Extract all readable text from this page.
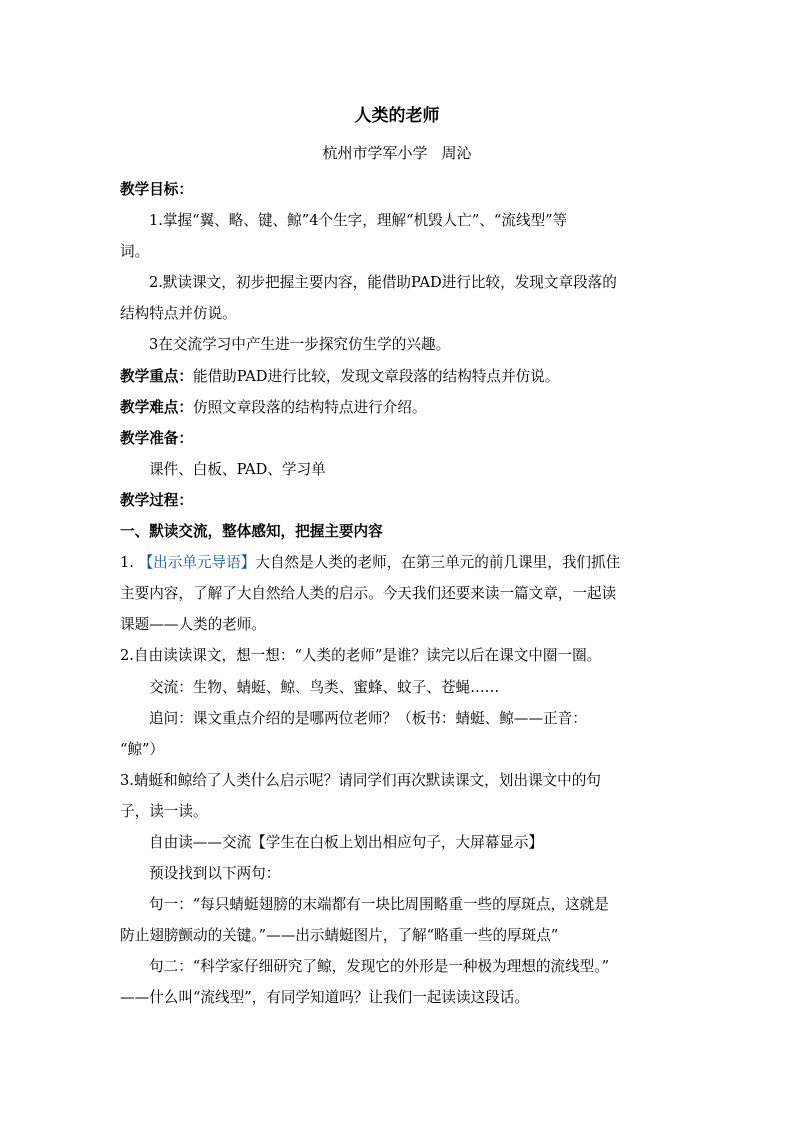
人类的老师
杭州市学军小学 周沁
教学目标：
1.掌握“翼、略、键、鲸”4个生字，理解“机毁人亡”、“流线型”等
词。
2.默读课文，初步把握主要内容，能借助PAD进行比较，发现文章段落的
结构特点并仿说。
3在交流学习中产生进一步探究仿生学的兴趣。
教学重点：能借助PAD进行比较，发现文章段落的结构特点并仿说。
教学难点：仿照文章段落的结构特点进行介绍。
教学准备：
课件、白板、PAD、学习单
教学过程：
一、默读交流，整体感知，把握主要内容
1. 【出示单元导语】大自然是人类的老师，在第三单元的前几课里，我们抓住
主要内容，了解了大自然给人类的启示。今天我们还要来读一篇文章，一起读
课题——人类的老师。
2.自由读读课文，想一想：“人类的老师”是谁？读完以后在课文中圈一圈。
交流：生物、蜻蜓、鲸、鸟类、蜜蜂、蚊子、苍蝇……
追问：课文重点介绍的是哪两位老师？（板书：蜻蜓、鲸——正音：
“鲸”）
3.蜻蜓和鲸给了人类什么启示呢？请同学们再次默读课文，划出课文中的句
子，读一读。
自由读——交流【学生在白板上划出相应句子，大屏幕显示】
预设找到以下两句：
句一：“每只蜻蜓翅膀的末端都有一块比周围略重一些的厚斑点，这就是
防止翅膀颤动的关键。”——出示蜻蜓图片，了解“略重一些的厚斑点”
句二：“科学家仔细研究了鲸，发现它的外形是一种极为理想的流线型。”
——什么叫“流线型”，有同学知道吗？让我们一起读读这段话。
